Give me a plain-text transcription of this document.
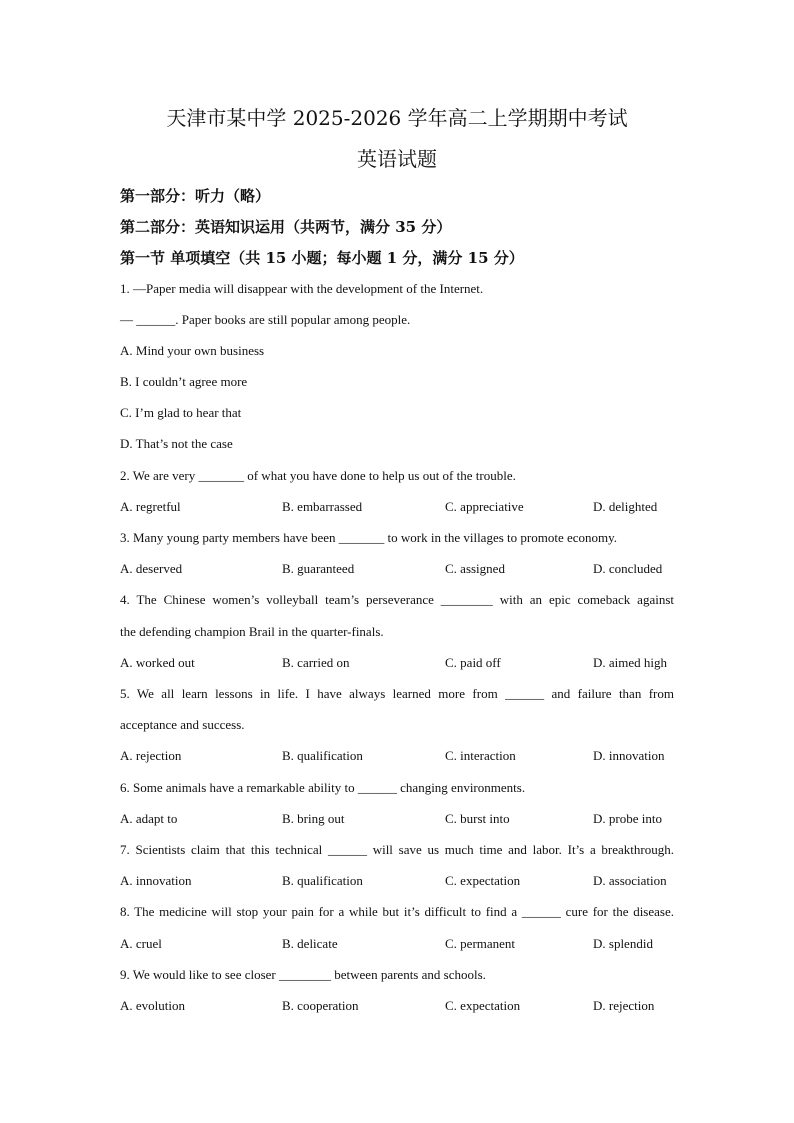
天津市某中学 2025-2026 学年高二上学期期中考试
英语试题
第一部分：听力（略）
第二部分：英语知识运用（共两节，满分 35 分）
第一节 单项填空（共 15 小题；每小题 1 分，满分 15 分）
1. —Paper media will disappear with the development of the Internet.
— ______. Paper books are still popular among people.
A. Mind your own business
B. I couldn’t agree more
C. I’m glad to hear that
D. That’s not the case
2. We are very _______ of what you have done to help us out of the trouble.
A. regretful	B. embarrassed	C. appreciative	D. delighted
3. Many young party members have been _______ to work in the villages to promote economy.
A. deserved	B. guaranteed	C. assigned	D. concluded
4. The Chinese women’s volleyball team’s perseverance ________ with an epic comeback against
the defending champion Brail in the quarter-finals.
A. worked out	B. carried on	C. paid off	D. aimed high
5. We all learn lessons in life. I have always learned more from ______ and failure than from
acceptance and success.
A. rejection	B. qualification	C. interaction	D. innovation
6. Some animals have a remarkable ability to ______ changing environments.
A. adapt to	B. bring out	C. burst into	D. probe into
7. Scientists claim that this technical ______ will save us much time and labor. It’s a breakthrough.
A. innovation	B. qualification	C. expectation	D. association
8. The medicine will stop your pain for a while but it’s difficult to find a ______ cure for the disease.
A. cruel	B. delicate	C. permanent	D. splendid
9. We would like to see closer ________ between parents and schools.
A. evolution	B. cooperation	C. expectation	D. rejection
